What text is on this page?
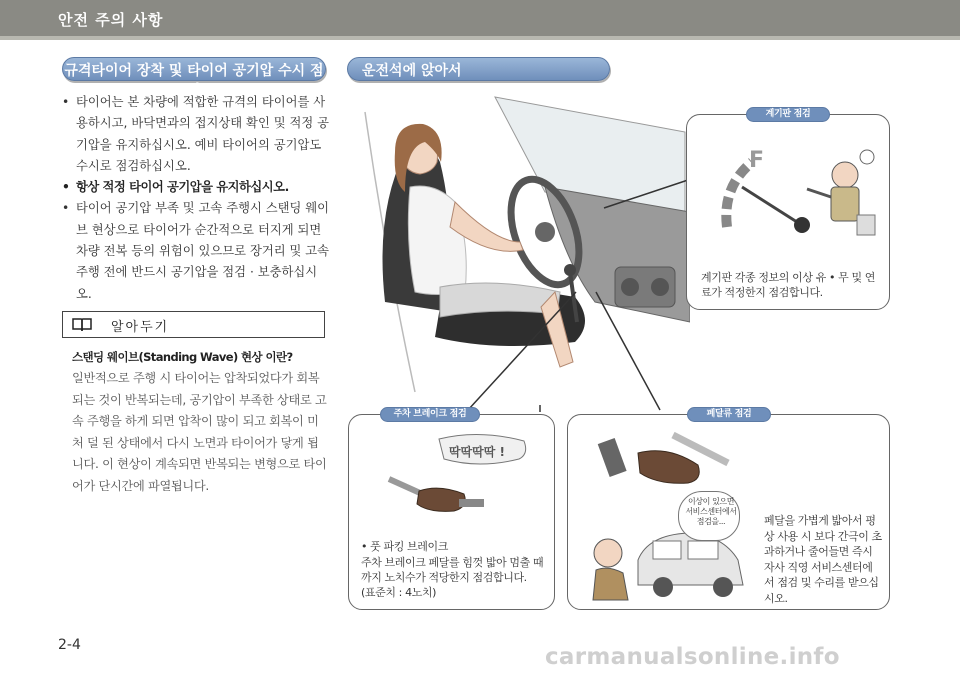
안전 주의 사항
규격타이어 장착 및 타이어 공기압 수시 점검
• 타이어는 본 차량에 적합한 규격의 타이어를 사용하시고, 바닥면과의 접지상태 확인 및 적정 공기압을 유지하십시오. 예비 타이어의 공기압도 수시로 점검하십시오.
• 항상 적정 타이어 공기압을 유지하십시오.
• 타이어 공기압 부족 및 고속 주행시 스탠딩 웨이브 현상으로 타이어가 순간적으로 터지게 되면 차량 전복 등의 위험이 있으므로 장거리 및 고속 주행 전에 반드시 공기압을 점검 · 보충하십시오.
알아두기
스탠딩 웨이브(Standing Wave) 현상 이란?
일반적으로 주행 시 타이어는 압착되었다가 회복되는 것이 반복되는데, 공기압이 부족한 상태로 고속 주행을 하게 되면 압착이 많이 되고 회복이 미처 덜 된 상태에서 다시 노면과 타이어가 닿게 됩니다. 이 현상이 계속되면 반복되는 변형으로 타이어가 단시간에 파열됩니다.
운전석에 앉아서
F
계기판 각종 정보의 이상 유 • 무 및 연료가 적정한지 점검합니다.
계기판 점검
딱딱딱딱 !
• 풋 파킹 브레이크
주차 브레이크 페달를 힘껏 밟아 멈출 때까지 노치수가 적당한지 점검합니다.
(표준치 : 4노치)
주차 브레이크 점검
이상이 있으면 서비스센터에서 점검을...	페달을 가볍게 밟아서 평상 사용 시 보다 간극이 초과하거나 줄어들면 즉시 자사 직영 서비스센터에서 점검 및 수리를 받으십시오.
페달류 점검
2-4	carmanualsonline.info
